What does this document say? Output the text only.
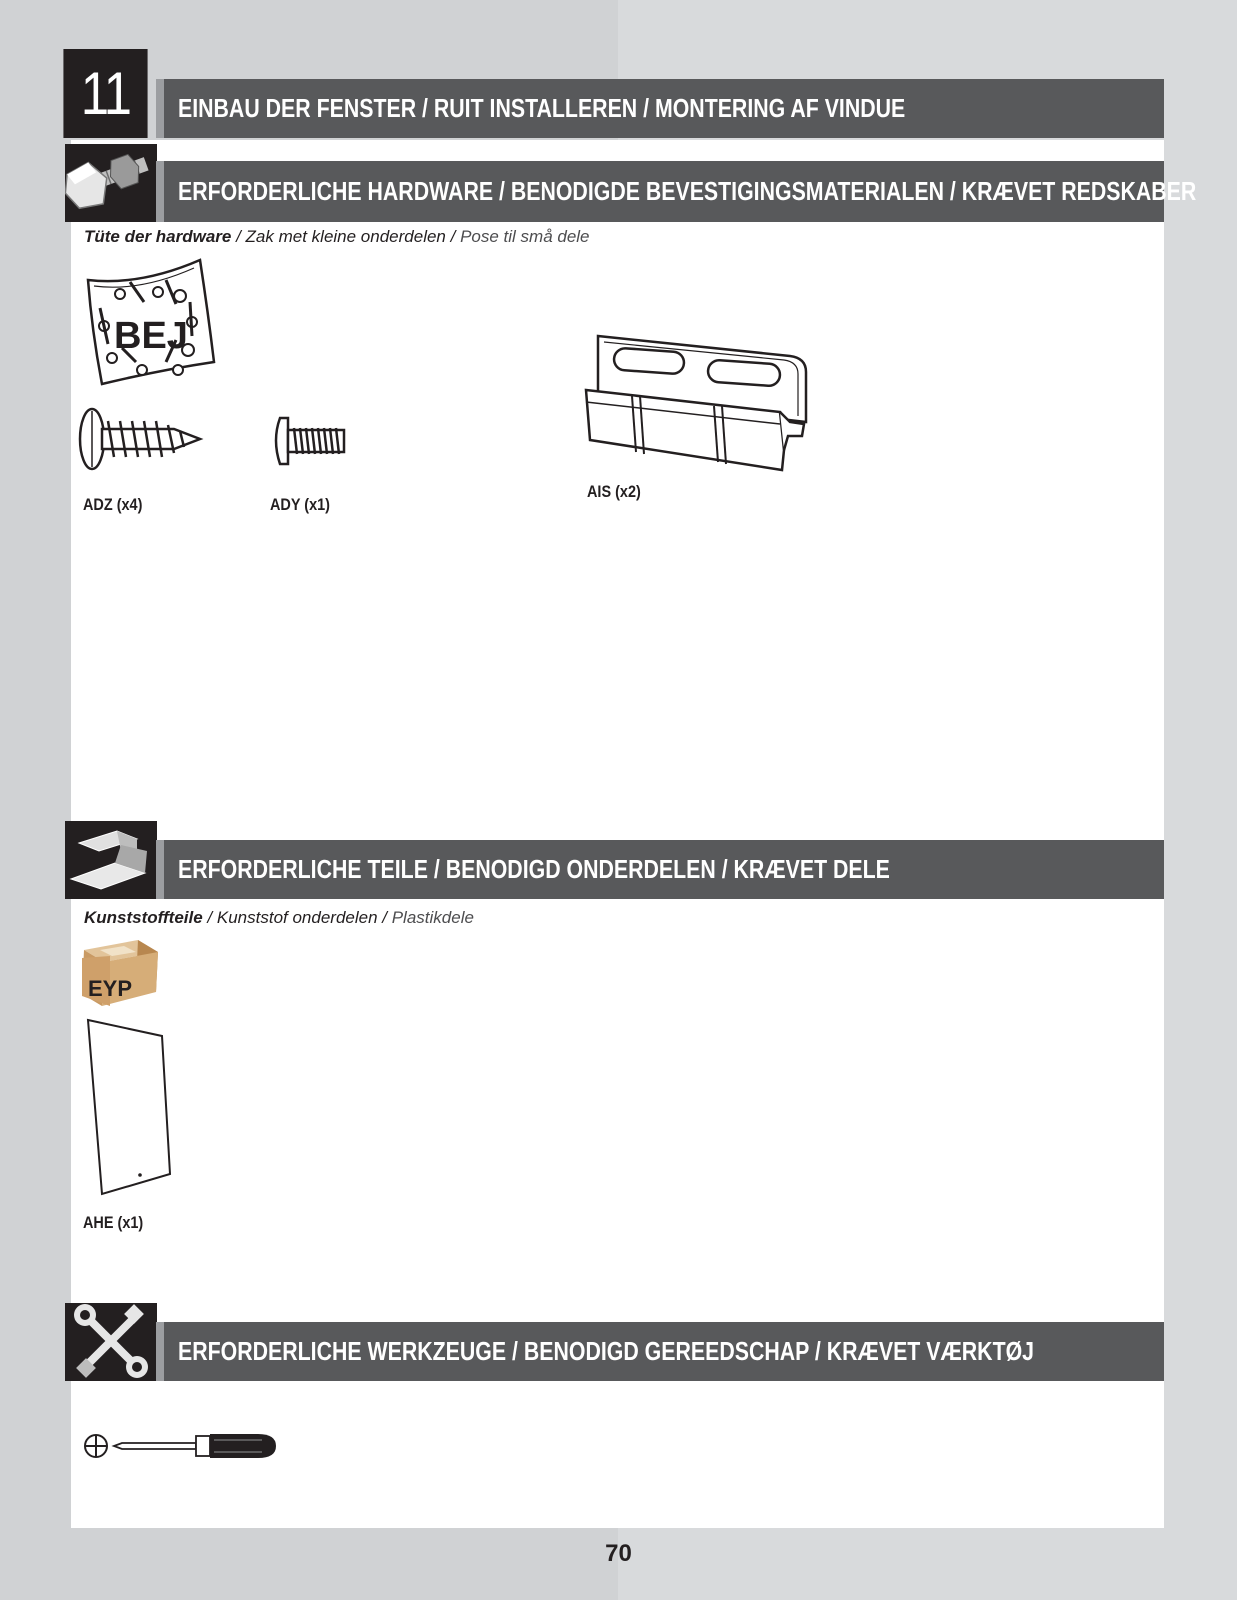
11	EINBAU DER FENSTER / RUIT INSTALLEREN / MONTERING AF VINDUE
ERFORDERLICHE HARDWARE / BENODIGDE BEVESTIGINGSMATERIALEN / KRÆVET REDSKABER
Tüte der hardware / Zak met kleine onderdelen / Pose til små dele
BEJ
ADZ (x4)	ADY (x1)
AIS (x2)
ERFORDERLICHE TEILE / BENODIGD ONDERDELEN / KRÆVET DELE
Kunststoffteile / Kunststof onderdelen / Plastikdele
EYP
AHE (x1)
ERFORDERLICHE WERKZEUGE / BENODIGD GEREEDSCHAP / KRÆVET VÆRKTØJ
70
